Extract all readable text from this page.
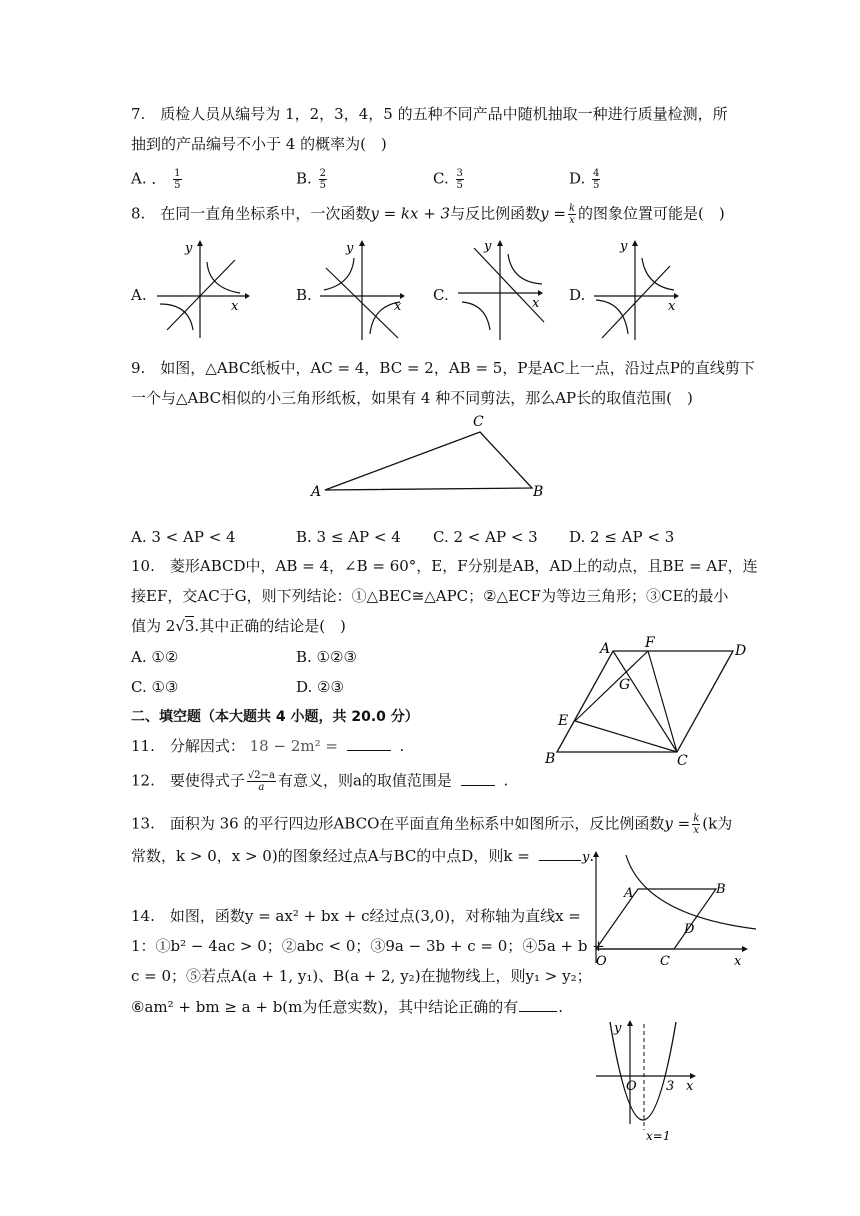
7.　质检人员从编号为 1，2，3，4，5 的五种不同产品中随机抽取一种进行质量检测，所
抽到的产品编号不小于 4 的概率为(　)
A. ． $\frac{1}{5}$	B. $\frac{2}{5}$	C. $\frac{3}{5}$	D. $\frac{4}{5}$
8.　在同一直角坐标系中，一次函数y = kx + 3与反比例函数$y = \frac{k}{x}$ 的图象位置可能是(　)
A.	B.	C.	D.
x
y
x
y
x
y
x
y
9.　如图，△ABC纸板中，AC = 4，BC = 2，AB = 5，P是AC上一点，沿过点P的直线剪下
一个与△ABC相似的小三角形纸板，如果有 4 种不同剪法，那么AP长的取值范围(　)
C
A	B
A. 3 < AP < 4	B. 3 ≤ AP < 4 C. 2 < AP < 3 D. 2 ≤ AP < 3
10.　菱形ABCD中，AB = 4，∠B = 60°，E，F分别是AB，AD上的动点，且BE = AF，连
接EF，交AC于G，则下列结论：①△BEC≅△APC；②△ECF为等边三角形；③CE的最小
值为 2√3.其中正确的结论是(　)
A. ①②	B. ①②③
C. ①③	D. ②③
A F	D
G
E
B	C
二、填空题（本大题共 4 小题，共 20.0 分）
11.　分解因式： 18 − 2m² =	.
12.　要使得式子 $\frac{√2-a}{a}$ 有意义，则a的取值范围是	.
13.　面积为 36 的平行四边形ABCO在平面直角坐标系中如图所示，反比例函数$y = \frac{k}{x} (k$为
常数，k > 0，x > 0)的图象经过点A与BC的中点D，则k =	.
y
A	B
D
O	C	x
14.　如图，函数y = ax² + bx + c经过点(3,0)，对称轴为直线x =
1：①b² − 4ac > 0；②abc < 0；③9a − 3b + c = 0；④5a + b +
c = 0；⑤若点A(a + 1, y₁)、B(a + 2, y₂)在抛物线上，则y₁ > y₂；
⑥am² + bm ≥ a + b(m为任意实数)，其中结论正确的有	.
y
O 3 x
x=1
